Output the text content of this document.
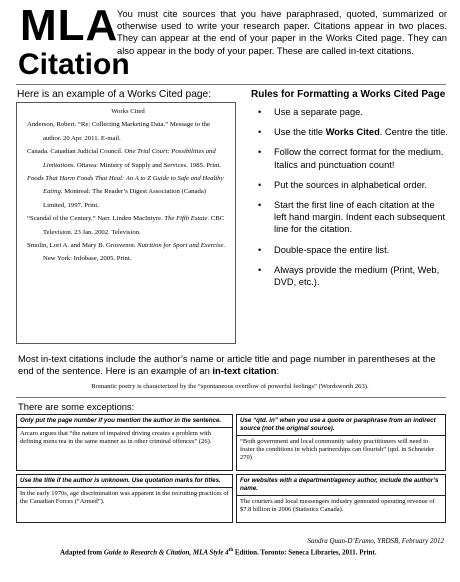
MLA
Citation
You must cite sources that you have paraphrased, quoted, summarized or otherwise used to write your research paper. Citations appear in two places. They can appear at the end of your paper in the Works Cited page. They can also appear in the body of your paper. These are called in-text citations.
Here is an example of a Works Cited page:	Rules for Formatting a Works Cited Page
Works Cited
Anderson, Robert. “Re: Collecting Marketing Data.” Message to the author. 20 Apr. 2011. E-mail.
Canada. Canadian Judicial Council. One Trial Court: Possibilities and Limitations. Ottawa: Ministry of Supply and Services. 1985. Print.
Foods That Harm Foods That Heal: An A to Z Guide to Safe and Healthy Eating. Montreal: The Reader’s Digest Association (Canada) Limited, 1997. Print.
“Scandal of the Century.” Narr. Linden MacIntyre. The Fifth Estate. CBC Television. 23 Jan. 2002. Television.
Smolin, Lori A. and Mary B. Grosvenor. Nutrition for Sport and Exercise. New York: Infobase, 2005. Print.
• Use a separate page.
• Use the title Works Cited. Centre the title.
• Follow the correct format for the medium. Italics and punctuation count!
• Put the sources in alphabetical order.
• Start the first line of each citation at the left hand margin. Indent each subsequent line for the citation.
• Double-space the entire list.
• Always provide the medium (Print, Web, DVD, etc.).
Most in-text citations include the author’s name or article title and page number in parentheses at the end of the sentence. Here is an example of an in-text citation:
Romantic poetry is characterized by the “spontaneous overflow of powerful feelings” (Wordsworth 263).
There are some exceptions:
Only put the page number if you mention the author in the sentence.
Arcaro argues that “the nature of impaired driving creates a problem with defining mens rea in the same manner as in other criminal offences” (26).
Use “qtd. in” when you use a quote or paraphrase from an indirect source (not the original source).
“Both government and local community safety practitioners will need to foster the conditions in which partnerships can flourish” (qtd. in Schneider 270)
Use the title if the author is unknown. Use quotation marks for titles.
In the early 1970s, age discrimination was apparent in the recruiting practices of the Canadian Forces (“Armed”).
For websites with a department/agency author, include the author’s name.
The couriers and local messengers industry generated operating revenue of $7.8 billion in 2006 (Statistics Canada).
Sandra Quan-D’Eramo, YRDSB, February 2012
Adapted from Guide to Research & Citation, MLA Style 4th Edition. Toronto: Seneca Libraries, 2011. Print.
